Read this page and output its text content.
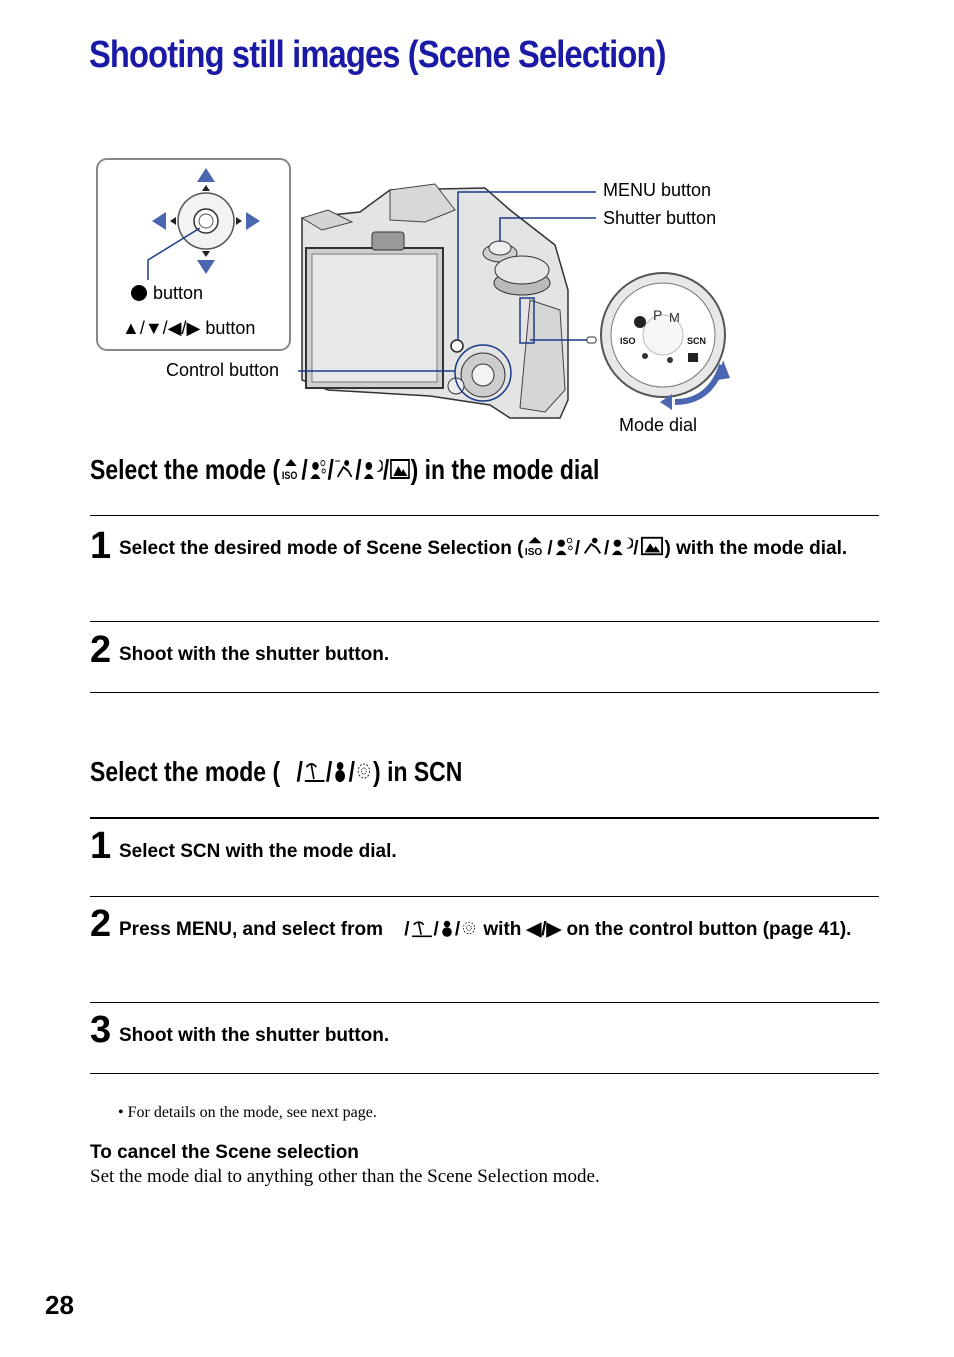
Shooting still images (Scene Selection)
P M
ISO	SCN
MENU button
Shutter button
button
▲/▼/◀/▶ button
Control button
Mode dial
Select the mode ( ISO / / / / ) in the mode dial
1 Select the desired mode of Scene Selection ( ISO / / / / ) with the mode dial.
2 Shoot with the shutter button.
Select the mode ( / / / ) in SCN
1 Select SCN with the mode dial.
2 Press MENU, and select from / / / with ◀/▶ on the control button (page 41).
3 Shoot with the shutter button.
• For details on the mode, see next page.
To cancel the Scene selection
Set the mode dial to anything other than the Scene Selection mode.
28
